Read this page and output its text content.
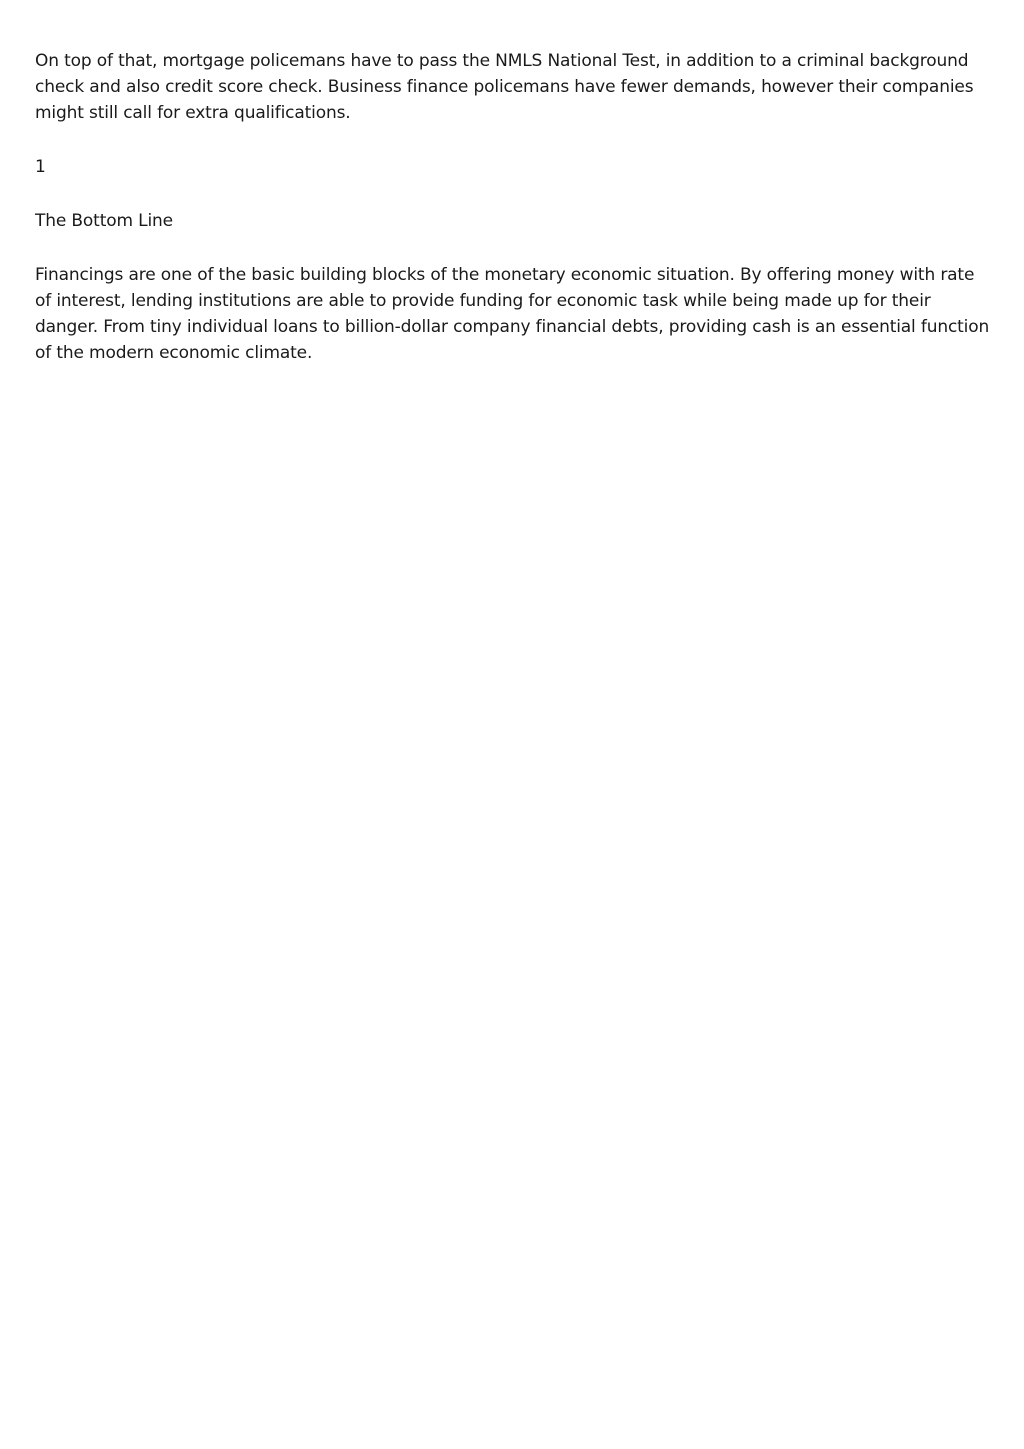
On top of that, mortgage policemans have to pass the NMLS National Test, in addition to a criminal background check and also credit score check. Business finance policemans have fewer demands, however their companies might still call for extra qualifications.

1

The Bottom Line

Financings are one of the basic building blocks of the monetary economic situation. By offering money with rate of interest, lending institutions are able to provide funding for economic task while being made up for their danger. From tiny individual loans to billion-dollar company financial debts, providing cash is an essential function of the modern economic climate.
